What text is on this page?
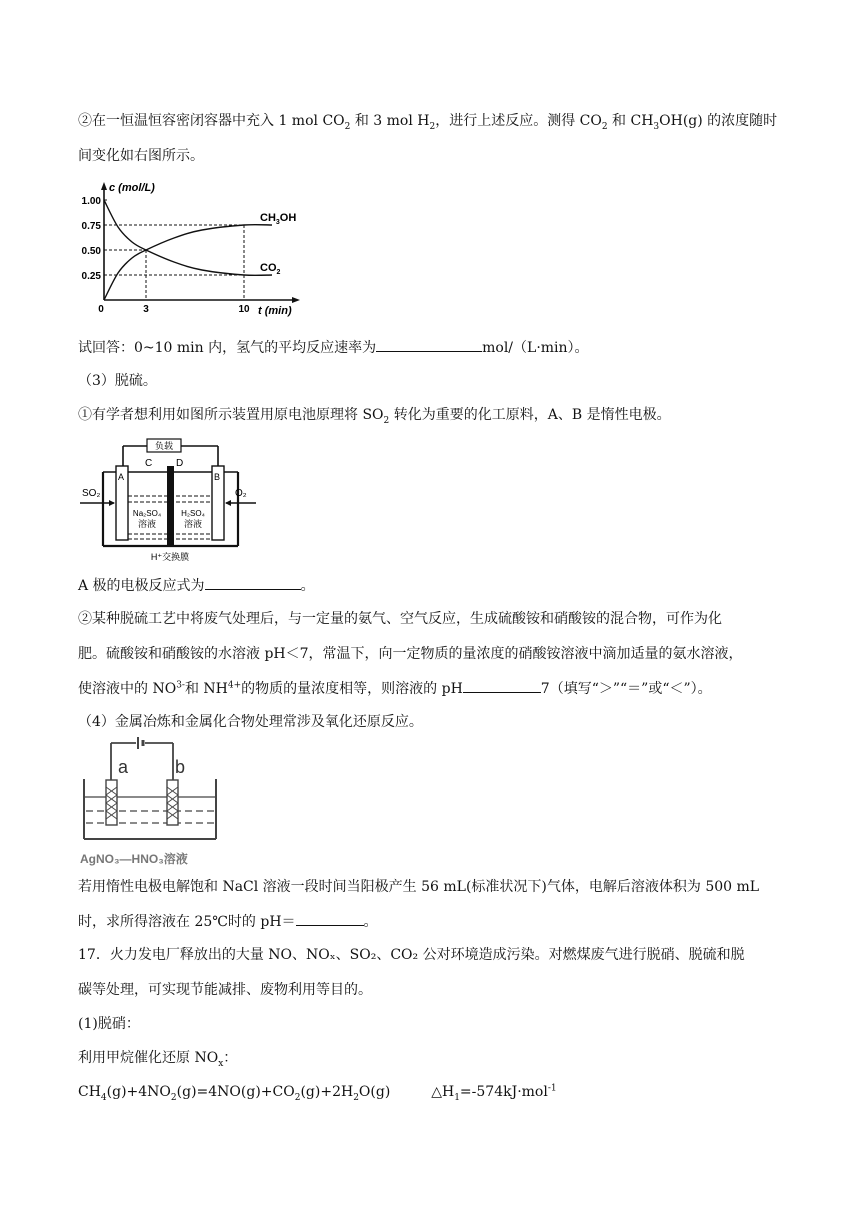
②在一恒温恒容密闭容器中充入 1 mol $CO_2$ 和 3 mol $H_2$，进行上述反应。测得 $CO_2$ 和 $CH_3OH(g)$ 的浓度随时
间变化如右图所示。
c (mol/L)
t (min)
1.00
0.75
0.50
0.25
0	3	10
$CH_3OH$
$CO_2$
试回答：0~10 min 内，氢气的平均反应速率为	mol/（L·min）。
（3）脱硫。
①有学者想利用如图所示装置用原电池原理将 $SO_2$ 转化为重要的化工原料，A、B 是惰性电极。
负载
C D
A	B
Na₂SO₄
溶液
H₂SO₄
溶液
SO₂	O₂
H⁺交换膜
A 极的电极反应式为	。
②某种脱硫工艺中将废气处理后，与一定量的氨气、空气反应，生成硫酸铵和硝酸铵的混合物，可作为化
肥。硫酸铵和硝酸铵的水溶液 pH＜7，常温下，向一定物质的量浓度的硝酸铵溶液中滴加适量的氨水溶液，
使溶液中的 $NO^{3-}$和 $NH^{4+}$的物质的量浓度相等，则溶液的 pH	7（填写“＞”“＝”或“＜”）。
（4）金属冶炼和金属化合物处理常涉及氧化还原反应。
a	b
AgNO₃—HNO₃溶液
若用惰性电极电解饱和 NaCl 溶液一段时间当阳极产生 56 mL(标准状况下)气体，电解后溶液体积为 500 mL
时，求所得溶液在 25℃时的 pH＝	。
17．火力发电厂释放出的大量 NO、NOₓ、SO₂、CO₂ 公对环境造成污染。对燃煤废气进行脱硝、脱硫和脱
碳等处理，可实现节能减排、废物利用等目的。
(1)脱硝：
利用甲烷催化还原 $NO_x$：
$CH_4(g)+4NO_2(g)=4NO(g)+CO_2(g)+2H_2O(g)$	$\triangle H_1=-574kJ\cdot mol^{-1}$
